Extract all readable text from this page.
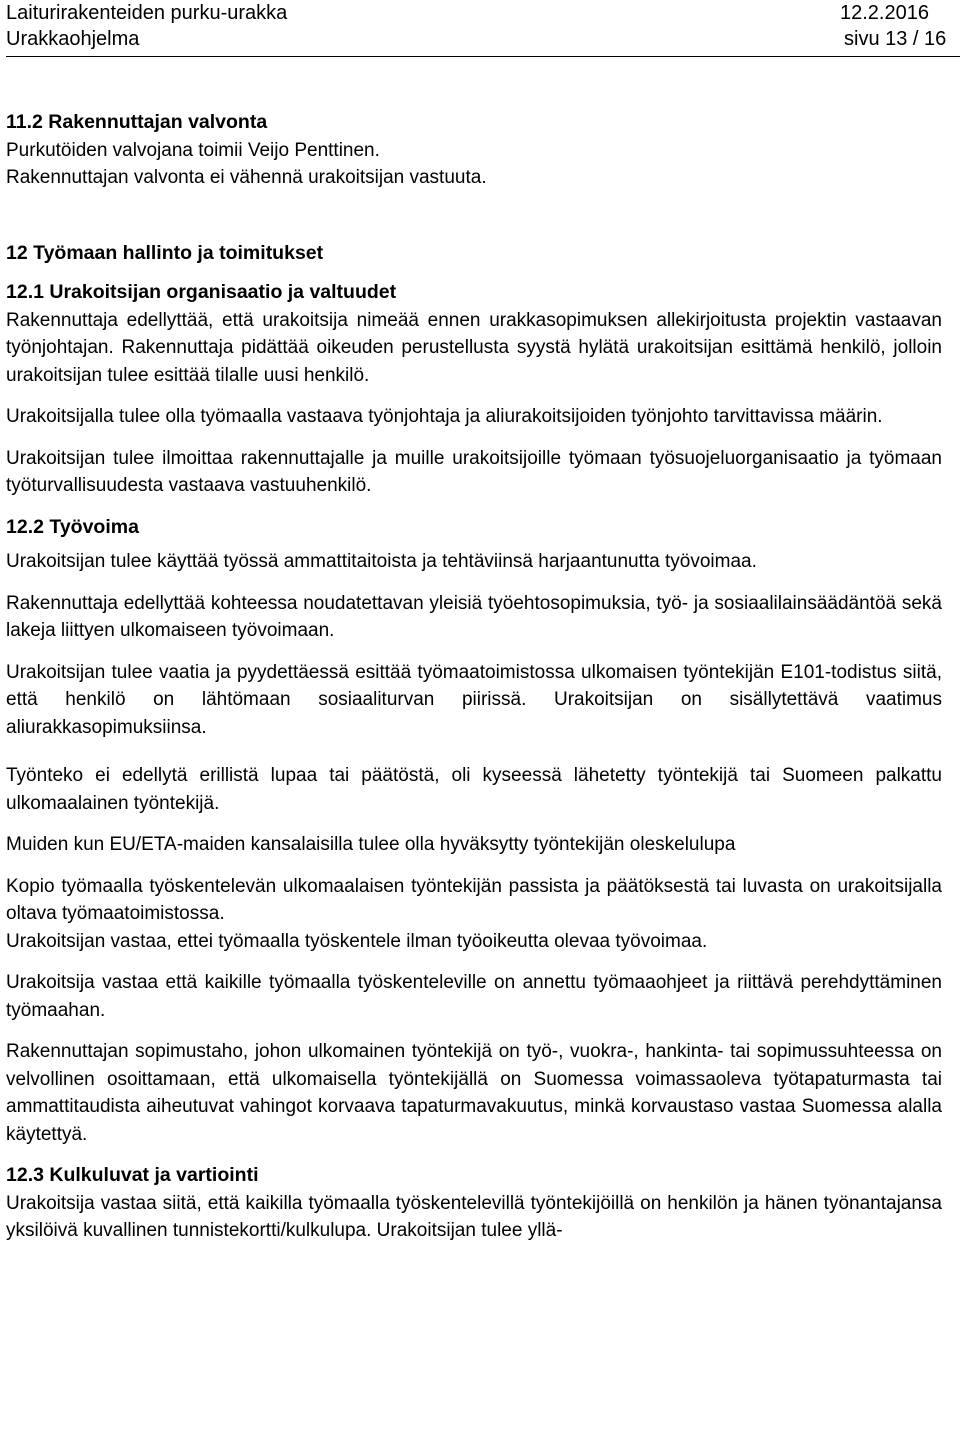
Laiturirakenteiden purku-urakka	12.2.2016
Urakkaohjelma	sivu 13 / 16
11.2 Rakennuttajan valvonta

Purkutöiden valvojana toimii Veijo Penttinen.

Rakennuttajan valvonta ei vähennä urakoitsijan vastuuta.

12 Työmaan hallinto ja toimitukset
12.1 Urakoitsijan organisaatio ja valtuudet

Rakennuttaja edellyttää, että urakoitsija nimeää ennen urakkasopimuksen allekirjoitusta projektin vastaavan työnjohtajan. Rakennuttaja pidättää oikeuden perustellusta syystä hylätä urakoitsijan esittämä henkilö, jolloin urakoitsijan tulee esittää tilalle uusi henkilö.

Urakoitsijalla tulee olla työmaalla vastaava työnjohtaja ja aliurakoitsijoiden työnjohto tarvittavissa määrin.

Urakoitsijan tulee ilmoittaa rakennuttajalle ja muille urakoitsijoille työmaan työsuojeluorganisaatio ja työmaan työturvallisuudesta vastaava vastuuhenkilö.

12.2 Työvoima

Urakoitsijan tulee käyttää työssä ammattitaitoista ja tehtäviinsä harjaantunutta työvoimaa.

Rakennuttaja edellyttää kohteessa noudatettavan yleisiä työehtosopimuksia, työ- ja sosiaalilainsäädäntöä sekä lakeja liittyen ulkomaiseen työvoimaan.

Urakoitsijan tulee vaatia ja pyydettäessä esittää työmaatoimistossa ulkomaisen työntekijän E101-todistus siitä, että henkilö on lähtömaan sosiaaliturvan piirissä. Urakoitsijan on sisällytettävä vaatimus aliurakkasopimuksiinsa.

Työnteko ei edellytä erillistä lupaa tai päätöstä, oli kyseessä lähetetty työntekijä tai Suomeen palkattu ulkomaalainen työntekijä.

Muiden kun EU/ETA-maiden kansalaisilla tulee olla hyväksytty työntekijän oleskelulupa

Kopio työmaalla työskentelevän ulkomaalaisen työntekijän passista ja päätöksestä tai luvasta on urakoitsijalla oltava työmaatoimistossa.

Urakoitsijan vastaa, ettei työmaalla työskentele ilman työoikeutta olevaa työvoimaa.

Urakoitsija vastaa että kaikille työmaalla työskenteleville on annettu työmaaohjeet ja riittävä perehdyttäminen työmaahan.

Rakennuttajan sopimustaho, johon ulkomainen työntekijä on työ-, vuokra-, hankinta- tai sopimussuhteessa on velvollinen osoittamaan, että ulkomaisella työntekijällä on Suomessa voimassaoleva työtapaturmasta tai ammattitaudista aiheutuvat vahingot korvaava tapaturmavakuutus, minkä korvaustaso vastaa Suomessa alalla käytettyä.

12.3 Kulkuluvat ja vartiointi

Urakoitsija vastaa siitä, että kaikilla työmaalla työskentelevillä työntekijöillä on henkilön ja hänen työnantajansa yksilöivä kuvallinen tunnistekortti/kulkulupa. Urakoitsijan tulee yllä-
